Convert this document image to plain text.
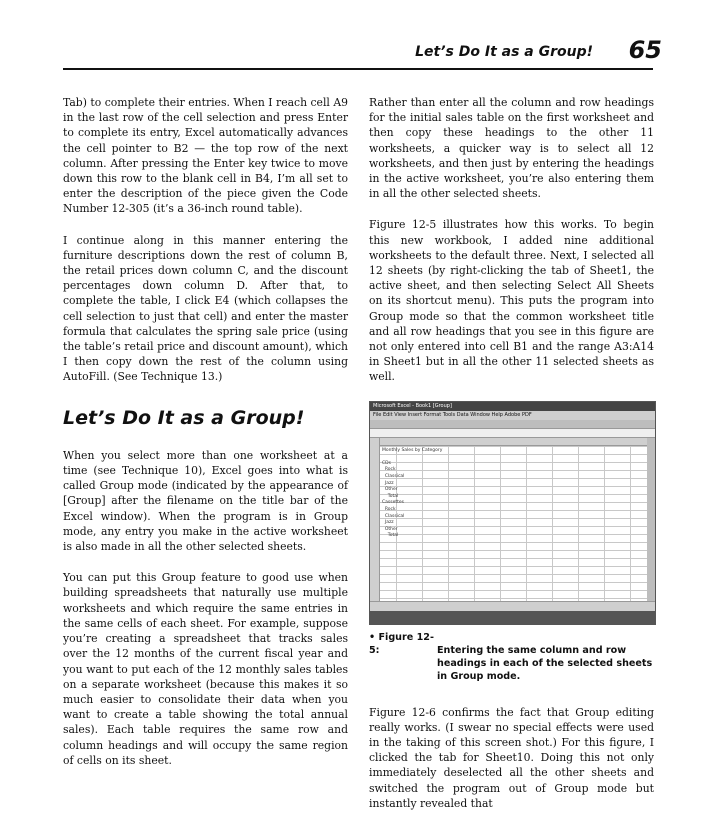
Let’s Do It as a Group! 65

Tab) to complete their entries. When I reach cell A9 in the last row of the cell selection and press Enter to complete its entry, Excel automatically advances the cell pointer to B2 — the top row of the next column. After pressing the Enter key twice to move down this row to the blank cell in B4, I’m all set to enter the description of the piece given the Code Number 12-305 (it’s a 36-inch round table).

I continue along in this manner entering the furniture descriptions down the rest of column B, the retail prices down column C, and the discount percentages down column D. After that, to complete the table, I click E4 (which collapses the cell selection to just that cell) and enter the master formula that calculates the spring sale price (using the table’s retail price and discount amount), which I then copy down the rest of the column using AutoFill. (See Technique 13.)

Let’s Do It as a Group!

When you select more than one worksheet at a time (see Technique 10), Excel goes into what is called Group mode (indicated by the appearance of [Group] after the filename on the title bar of the Excel window). When the program is in Group mode, any entry you make in the active worksheet is also made in all the other selected sheets.

You can put this Group feature to good use when building spreadsheets that naturally use multiple worksheets and which require the same entries in the same cells of each sheet. For example, suppose you’re creating a spreadsheet that tracks sales over the 12 months of the current fiscal year and you want to put each of the 12 monthly sales tables on a separate worksheet (because this makes it so much easier to consolidate their data when you want to create a table showing the total annual sales). Each table requires the same row and column headings and will occupy the same region of cells on its sheet.

Rather than enter all the column and row headings for the initial sales table on the first worksheet and then copy these headings to the other 11 worksheets, a quicker way is to select all 12 worksheets, and then just by entering the headings in the active worksheet, you’re also entering them in all the other selected sheets.

Figure 12-5 illustrates how this works. To begin this new workbook, I added nine additional worksheets to the default three. Next, I selected all 12 sheets (by right-clicking the tab of Sheet1, the active sheet, and then selecting Select All Sheets on its shortcut menu). This puts the program into Group mode so that the common worksheet title and all row headings that you see in this figure are not only entered into cell B1 and the range A3:A14 in Sheet1 but in all the other 11 selected sheets as well.

Microsoft Excel - Book1 [Group]
File Edit View Insert Format Tools Data Window Help Adobe PDF
Monthly Sales by Category

CDs
Rock
Classical
Jazz
Other
Total
Cassettes
Rock
Classical
Jazz
Other
Total
• Figure 12-5:	Entering the same column and row headings in each of the selected sheets in Group mode.

Figure 12-6 confirms the fact that Group editing really works. (I swear no special effects were used in the taking of this screen shot.) For this figure, I clicked the tab for Sheet10. Doing this not only immediately deselected all the other sheets and switched the program out of Group mode but instantly revealed that
